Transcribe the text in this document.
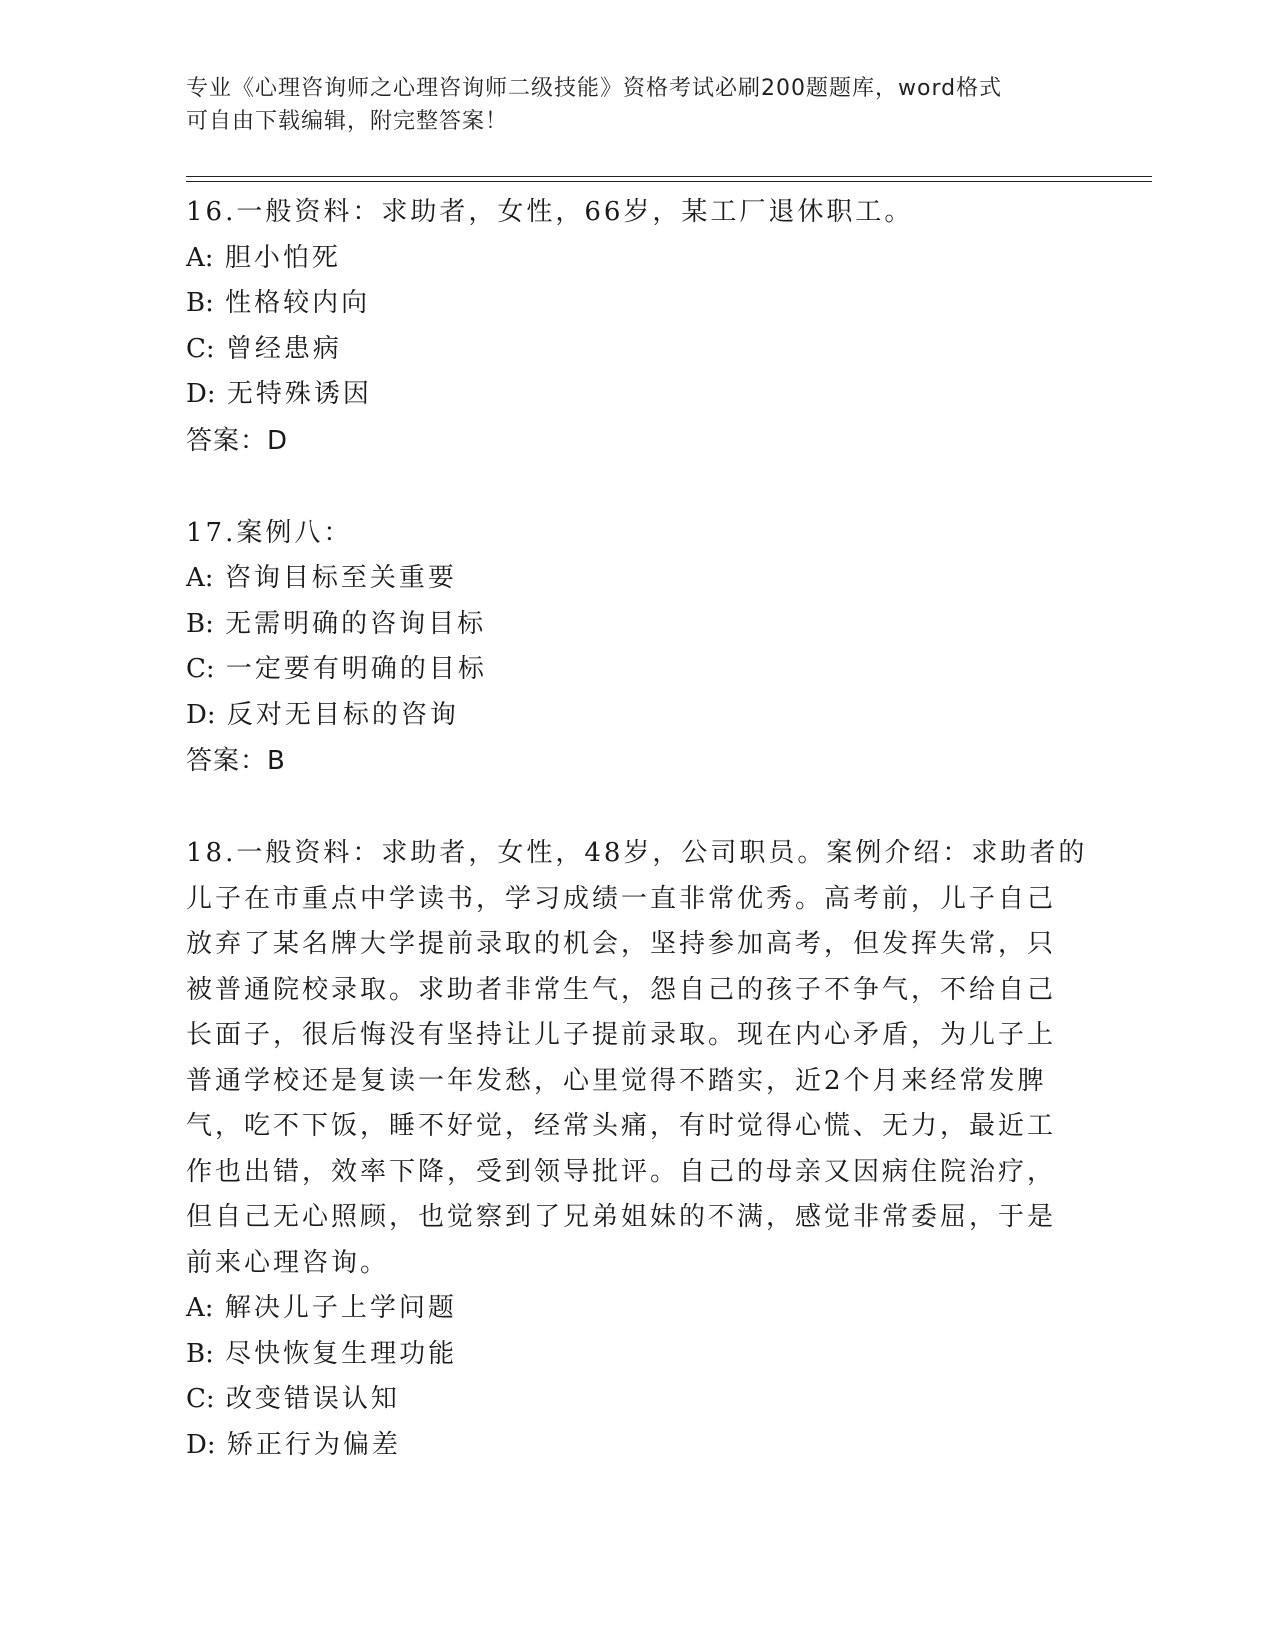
专业《心理咨询师之心理咨询师二级技能》资格考试必刷200题题库，word格式
可自由下载编辑，附完整答案！
16.一般资料：求助者，女性，66岁，某工厂退休职工。
A: 胆小怕死
B: 性格较内向
C: 曾经患病
D: 无特殊诱因
答案：D
17.案例八：
A: 咨询目标至关重要
B: 无需明确的咨询目标
C: 一定要有明确的目标
D: 反对无目标的咨询
答案：B
18.一般资料：求助者，女性，48岁，公司职员。案例介绍：求助者的
儿子在市重点中学读书，学习成绩一直非常优秀。高考前，儿子自己
放弃了某名牌大学提前录取的机会，坚持参加高考，但发挥失常，只
被普通院校录取。求助者非常生气，怨自己的孩子不争气，不给自己
长面子，很后悔没有坚持让儿子提前录取。现在内心矛盾，为儿子上
普通学校还是复读一年发愁，心里觉得不踏实，近2个月来经常发脾
气，吃不下饭，睡不好觉，经常头痛，有时觉得心慌、无力，最近工
作也出错，效率下降，受到领导批评。自己的母亲又因病住院治疗，
但自己无心照顾，也觉察到了兄弟姐妹的不满，感觉非常委屈，于是
前来心理咨询。
A: 解决儿子上学问题
B: 尽快恢复生理功能
C: 改变错误认知
D: 矫正行为偏差
